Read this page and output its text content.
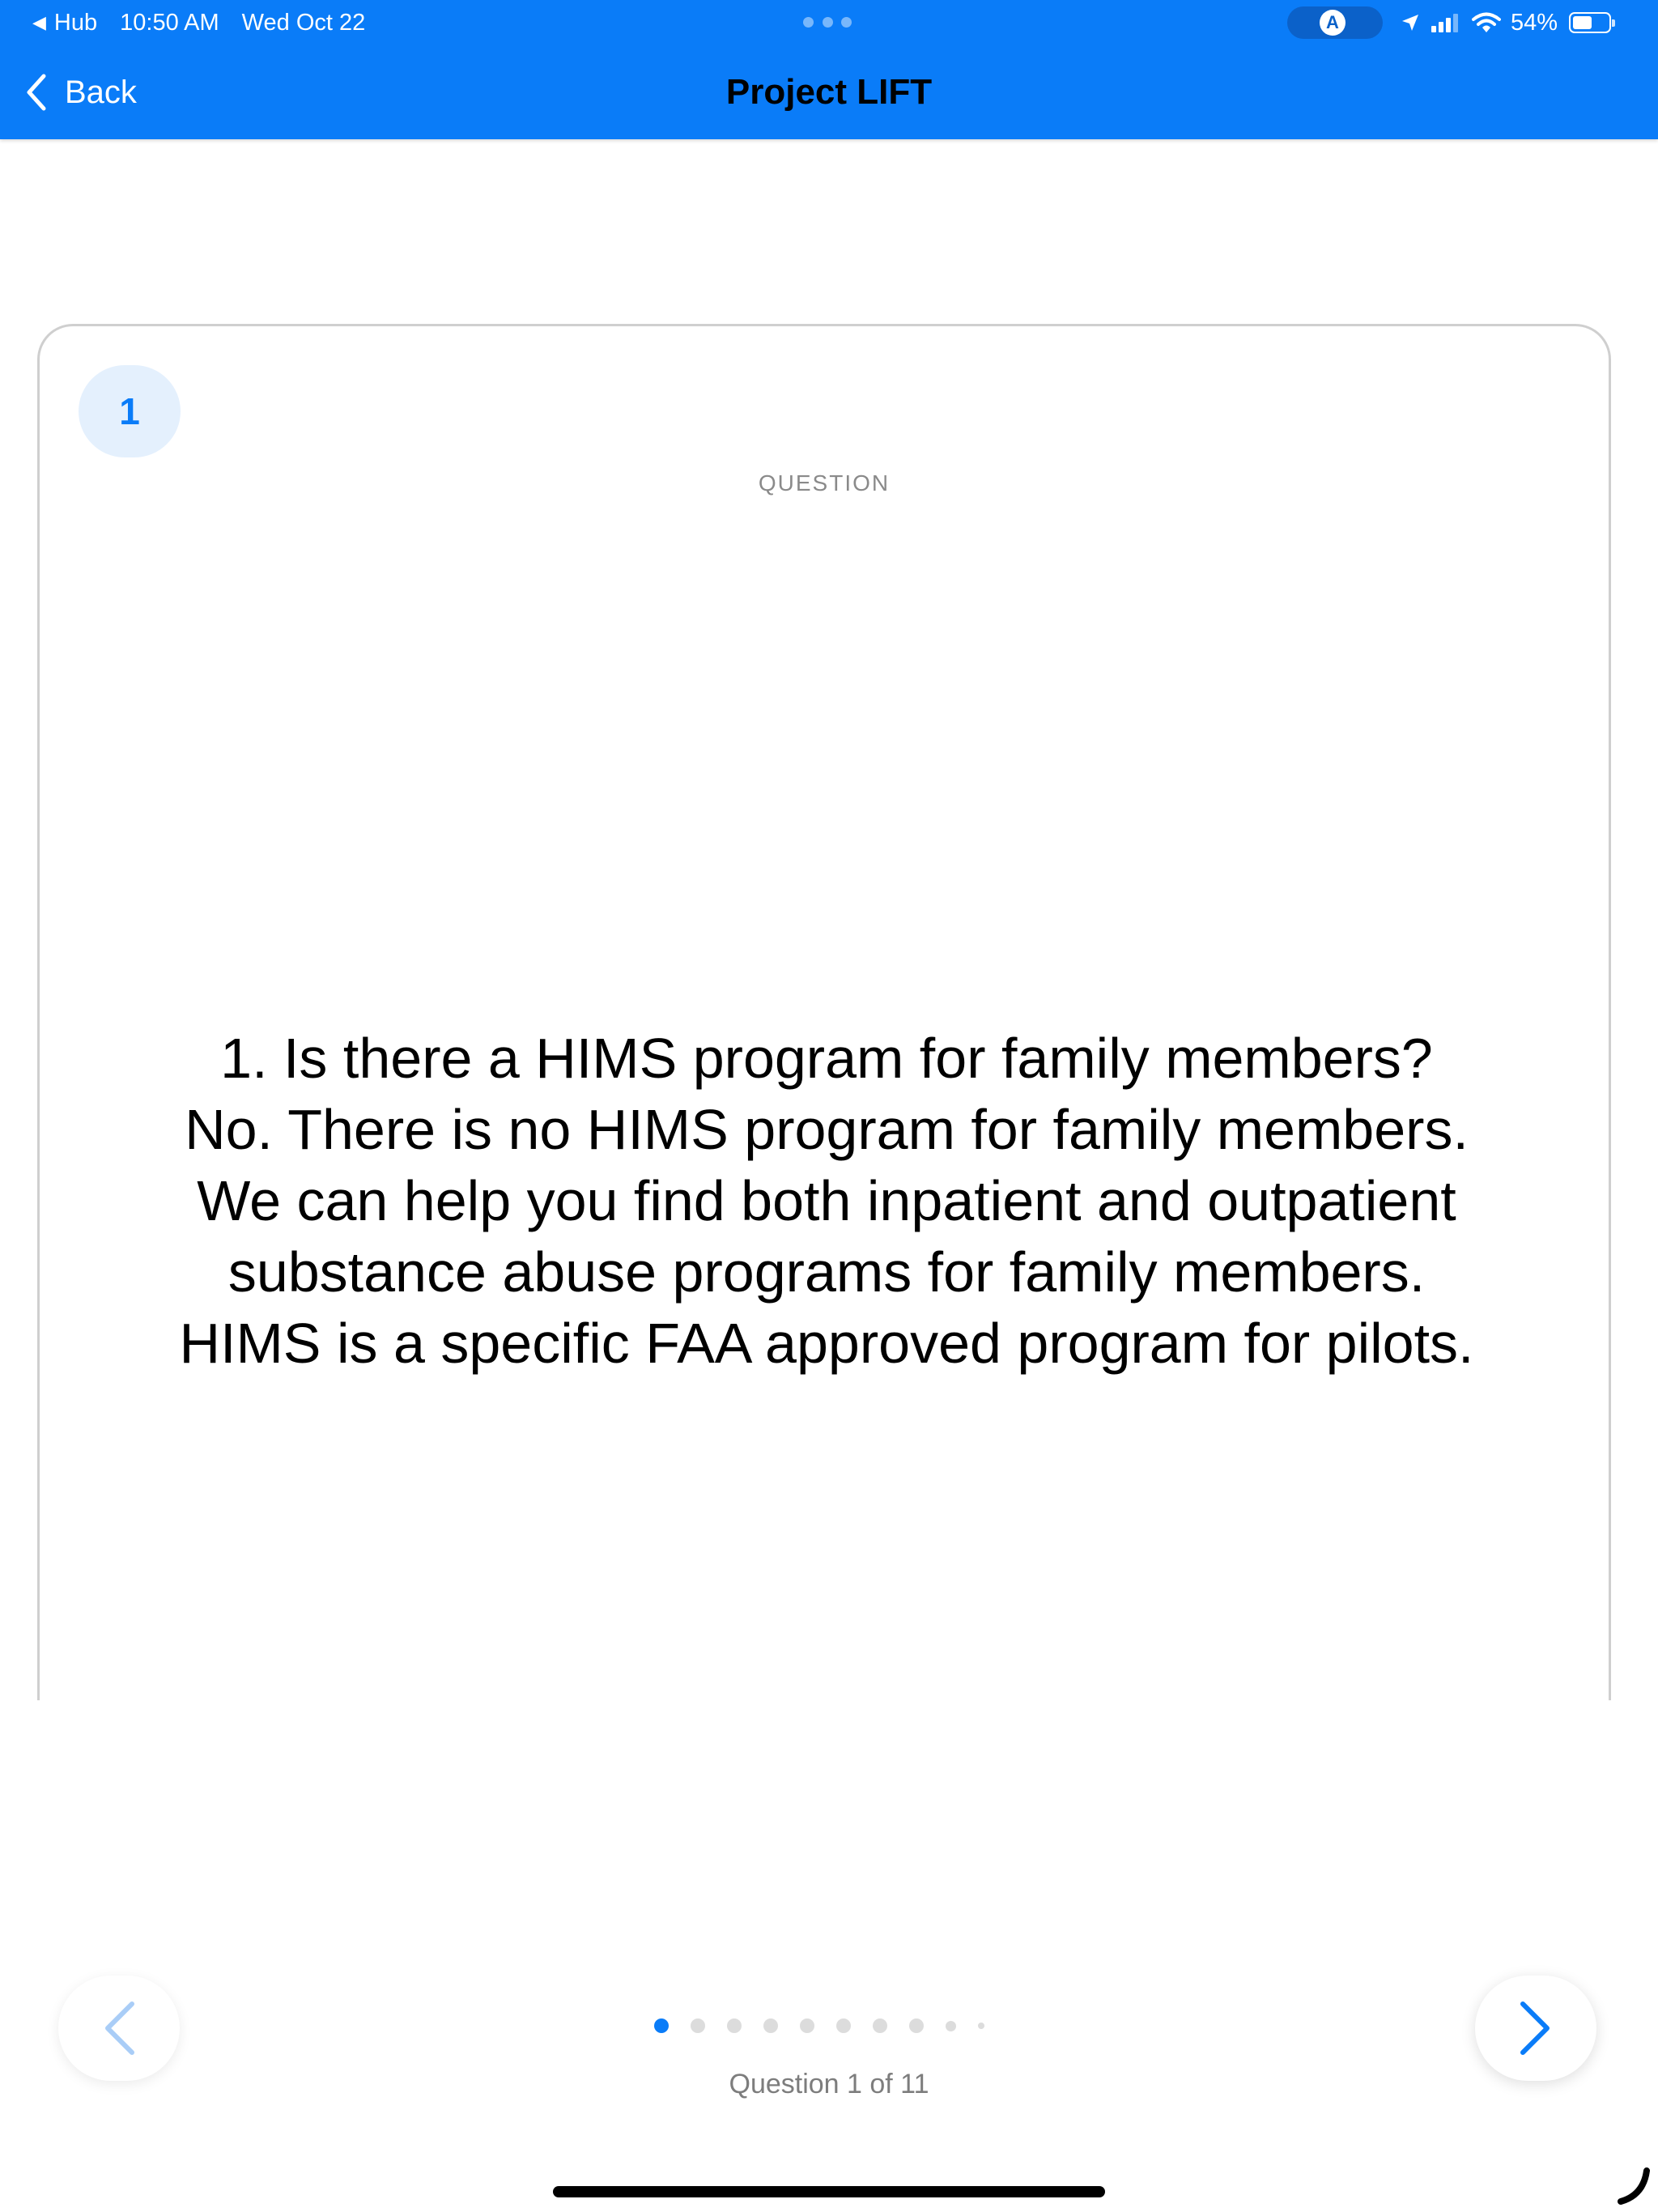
◀ Hub 10:50 AM Wed Oct 22	A	54%
Back	Project LIFT
1
QUESTION

1. Is there a HIMS program for family members?
No. There is no HIMS program for family members.
We can help you find both inpatient and outpatient
substance abuse programs for family members.
HIMS is a specific FAA approved program for pilots.

Question 1 of 11
